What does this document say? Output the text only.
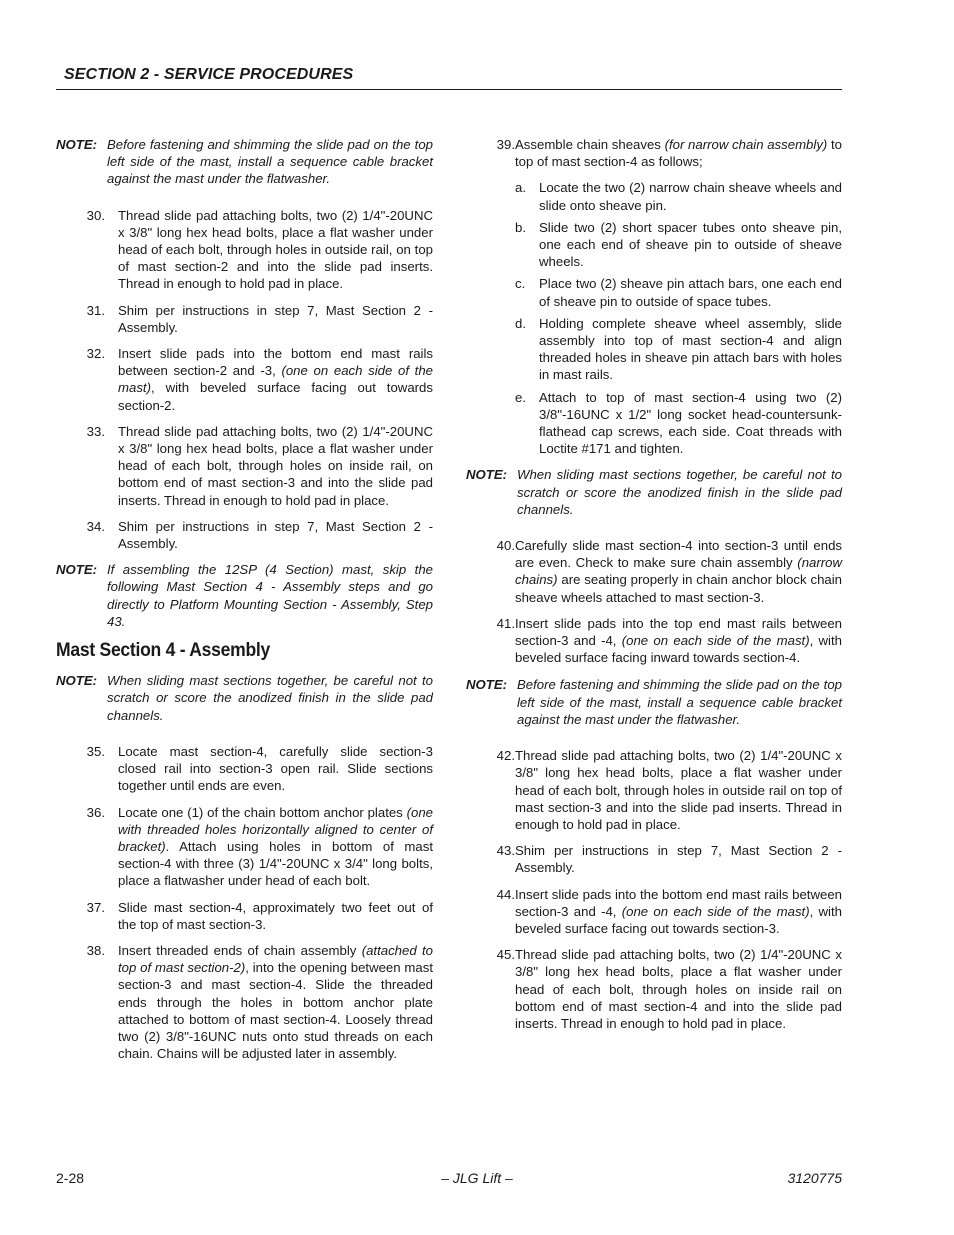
SECTION 2 - SERVICE PROCEDURES
NOTE: Before fastening and shimming the slide pad on the top left side of the mast, install a sequence cable bracket against the mast under the flatwasher.
30. Thread slide pad attaching bolts, two (2) 1/4"-20UNC x 3/8" long hex head bolts, place a flat washer under head of each bolt, through holes in outside rail, on top of mast section-2 and into the slide pad inserts. Thread in enough to hold pad in place.
31. Shim per instructions in step 7, Mast Section 2 - Assembly.
32. Insert slide pads into the bottom end mast rails between section-2 and -3, (one on each side of the mast), with beveled surface facing out towards section-2.
33. Thread slide pad attaching bolts, two (2) 1/4"-20UNC x 3/8" long hex head bolts, place a flat washer under head of each bolt, through holes on inside rail, on bottom end of mast section-3 and into the slide pad inserts. Thread in enough to hold pad in place.
34. Shim per instructions in step 7, Mast Section 2 - Assembly.
NOTE: If assembling the 12SP (4 Section) mast, skip the following Mast Section 4 - Assembly steps and go directly to Platform Mounting Section - Assembly, Step 43.
Mast Section 4 - Assembly
NOTE: When sliding mast sections together, be careful not to scratch or score the anodized finish in the slide pad channels.
35. Locate mast section-4, carefully slide section-3 closed rail into section-3 open rail. Slide sections together until ends are even.
36. Locate one (1) of the chain bottom anchor plates (one with threaded holes horizontally aligned to center of bracket). Attach using holes in bottom of mast section-4 with three (3) 1/4"-20UNC x 3/4" long bolts, place a flatwasher under head of each bolt.
37. Slide mast section-4, approximately two feet out of the top of mast section-3.
38. Insert threaded ends of chain assembly (attached to top of mast section-2), into the opening between mast section-3 and mast section-4. Slide the threaded ends through the holes in bottom anchor plate attached to bottom of mast section-4. Loosely thread two (2) 3/8"-16UNC nuts onto stud threads on each chain. Chains will be adjusted later in assembly.
39. Assemble chain sheaves (for narrow chain assembly) to top of mast section-4 as follows;
a. Locate the two (2) narrow chain sheave wheels and slide onto sheave pin.
b. Slide two (2) short spacer tubes onto sheave pin, one each end of sheave pin to outside of sheave wheels.
c.	Place two (2) sheave pin attach bars, one each end of sheave pin to outside of space tubes.
d. Holding complete sheave wheel assembly, slide assembly into top of mast section-4 and align threaded holes in sheave pin attach bars with holes in mast rails.
e. Attach to top of mast section-4 using two (2) 3/8"-16UNC x 1/2" long socket head-countersunk-flathead cap screws, each side. Coat threads with Loctite #171 and tighten.
NOTE: When sliding mast sections together, be careful not to scratch or score the anodized finish in the slide pad channels.
40. Carefully slide mast section-4 into section-3 until ends are even. Check to make sure chain assembly (narrow chains) are seating properly in chain anchor block chain sheave wheels attached to mast section-3.
41. Insert slide pads into the top end mast rails between section-3 and -4, (one on each side of the mast), with beveled surface facing inward towards section-4.
NOTE: Before fastening and shimming the slide pad on the top left side of the mast, install a sequence cable bracket against the mast under the flatwasher.
42. Thread slide pad attaching bolts, two (2) 1/4"-20UNC x 3/8" long hex head bolts, place a flat washer under head of each bolt, through holes in outside rail on top of mast section-3 and into the slide pad inserts. Thread in enough to hold pad in place.
43. Shim per instructions in step 7, Mast Section 2 - Assembly.
44. Insert slide pads into the bottom end mast rails between section-3 and -4, (one on each side of the mast), with beveled surface facing out towards section-3.
45. Thread slide pad attaching bolts, two (2) 1/4"-20UNC x 3/8" long hex head bolts, place a flat washer under head of each bolt, through holes on inside rail on bottom end of mast section-4 and into the slide pad inserts. Thread in enough to hold pad in place.
2-28	– JLG Lift –	3120775
